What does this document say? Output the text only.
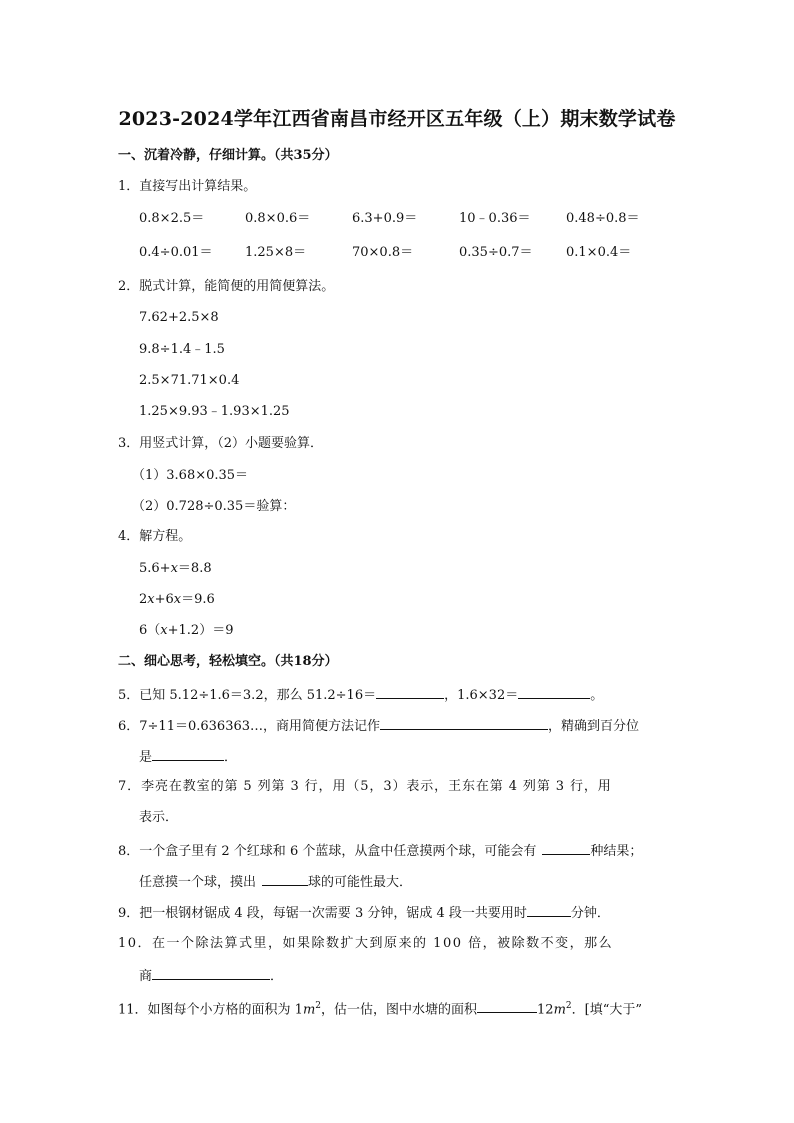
2023-2024学年江西省南昌市经开区五年级（上）期末数学试卷
一、沉着冷静，仔细计算。（共35分）
1．直接写出计算结果。
0.8×2.5＝	0.8×0.6＝	6.3+0.9＝	10﹣0.36＝	0.48÷0.8＝
0.4÷0.01＝ 1.25×8＝	70×0.8＝	0.35÷0.7＝	0.1×0.4＝
2．脱式计算，能简便的用简便算法。
7.62+2.5×8
9.8÷1.4﹣1.5
2.5×71.71×0.4
1.25×9.93﹣1.93×1.25
3．用竖式计算，（2）小题要验算．
（1）3.68×0.35＝
（2）0.728÷0.35＝验算：
4．解方程。
5.6+x＝8.8
2x+6x＝9.6
6（x+1.2）＝9
二、细心思考，轻松填空。（共18分）
5．已知 5.12÷1.6＝3.2，那么 51.2÷16＝	，1.6×32＝	。
6．7÷11＝0.636363…，商用简便方法记作	，精确到百分位
是	．
7．李亮在教室的第 5 列第 3 行，用（5，3）表示，王东在第 4 列第 3 行，用
表示．
8．一个盒子里有 2 个红球和 6 个蓝球，从盒中任意摸两个球，可能会有	种结果；
任意摸一个球，摸出	球的可能性最大．
9．把一根钢材锯成 4 段，每锯一次需要 3 分钟，锯成 4 段一共要用时	分钟．
10．在一个除法算式里，如果除数扩大到原来的 100 倍，被除数不变，那么
商	．
11．如图每个小方格的面积为 $1m^2$，估一估，图中水塘的面积	$12m^2$．[填“大于”
